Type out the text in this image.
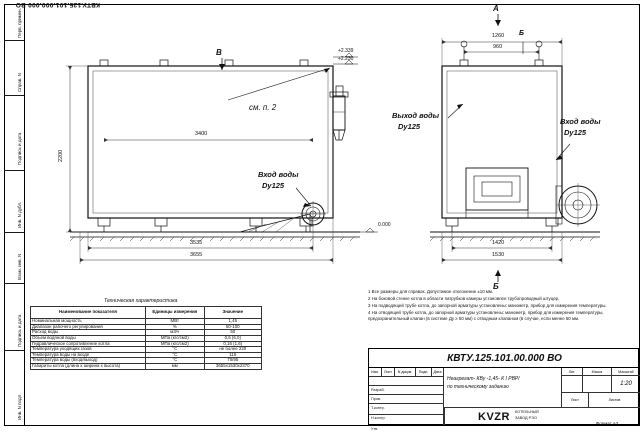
Перв. примен.
Справ. N
Подпись и дата
Инв. N дубл.
Взам. инв. N
Подпись и дата
Инв. N подл.
КВТУ.125.101.000.000 ВО
В
А
Б
Б
см. п. 2
Выход воды
Dу125
Вход воды
Dу125
Вход воды
Dу125
+2.339
+2.230
0.000
2200
3400
3535
3655
1260
960
1420
1530
1 Все размеры для справок. Допустимое отклонение ±10 мм.
2 На боковой стенке котла в области патрубков камеры установлен трубопроводный штуцер.
3 На подводящей трубе котла, до запорной арматуры установлены: манометр, прибор для измерения температуры.
4 На отводящей трубе котла, до запорной арматуры установлены: манометр, прибор для измерения температуры, предохранительный клапан (в системе Ду ≥ 50 мм) с отводным клапаном (в случае, если менее 50 мм.
Техническая характеристика
Наименование показателя	Единицы измерения	Значение
Номинальная мощность	МВт	1,45
Диапазон рабочего регулирования	%	50-100
Расход воды	м3/ч	50
Объем водяной воды	МПа (кгс/см2)	0,6 (6,0)
Гидравлическое сопротивление котла	МПа (кгс/см2)	0,16 (1,6)
Температура уходящих газов	°С	не более 220
Температура воды на входе	°С	115
Температура воды (вход/выход)	°С	70/95
Габариты котла (длина х ширина х высота)	мм	3655х1530х2370
КВТУ.125.101.00.000 ВО
Изм.	Лист	N докум.	Подп.	Дата
Разраб.
Пров.
Т.контр.
Н.контр.
Утв.
Неагрегат- КВу -1,45- К І РВР/
по техническому заданию
Лит.	Масса	Масштаб
1:20
Лист	Листов
KVZR КОТЕЛЬНЫЙ
ЗАВОД РЭО
Формат А3
